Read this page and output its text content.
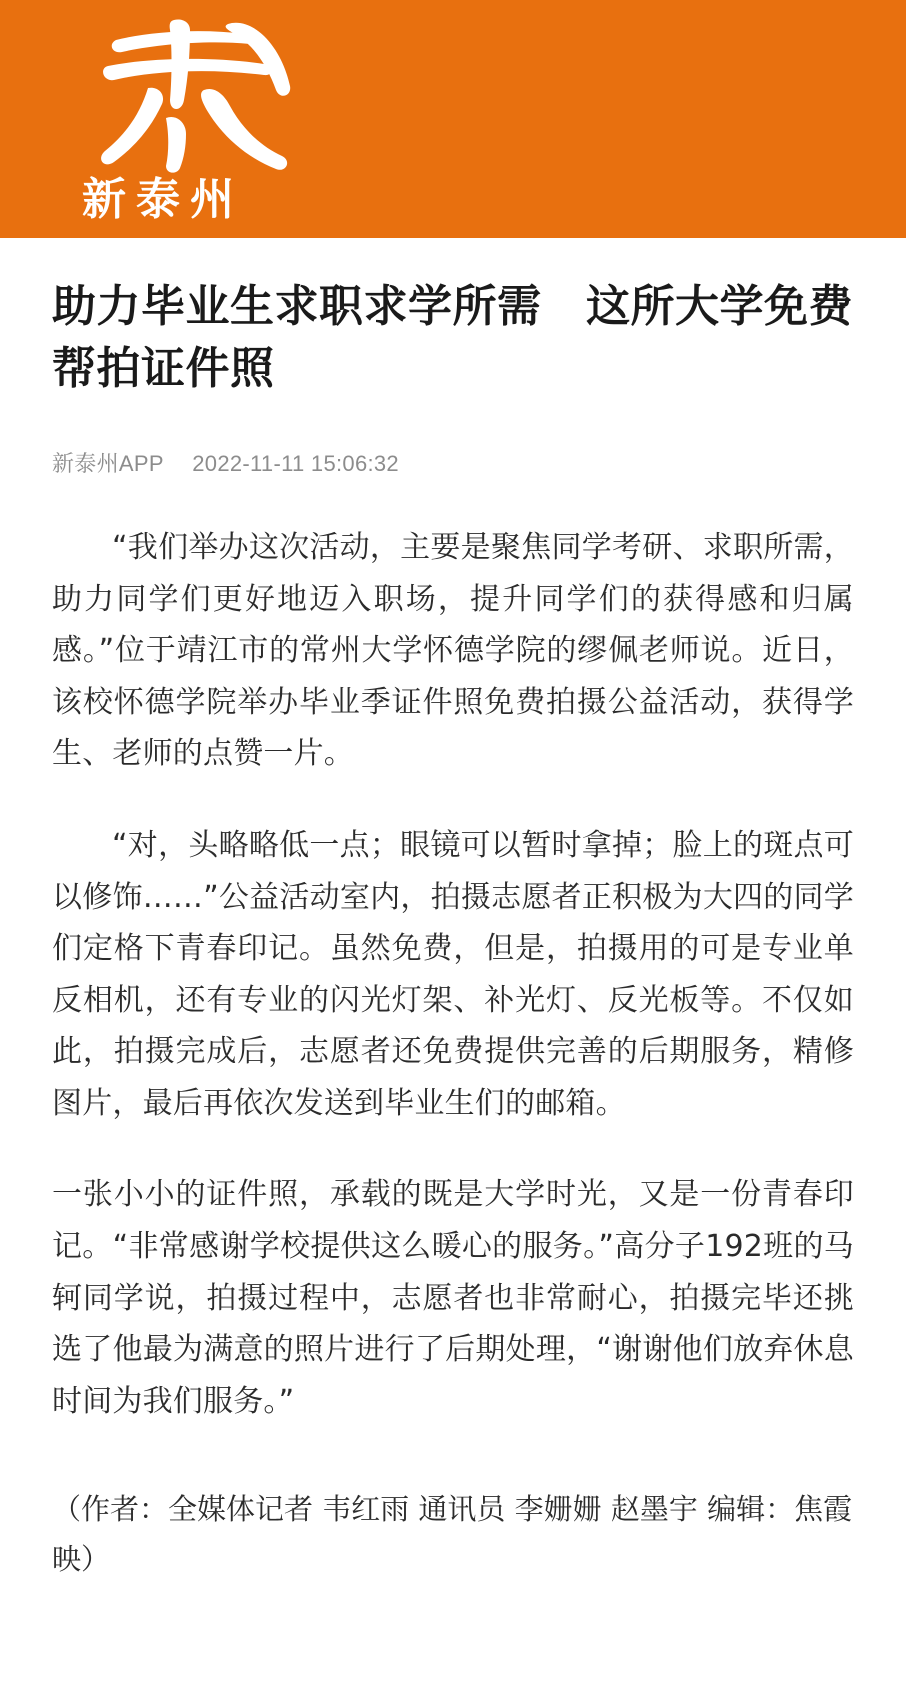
新泰州
助力毕业生求职求学所需　这所大学免费帮拍证件照
新泰州APP 2022-11-11 15:06:32

“我们举办这次活动，主要是聚焦同学考研、求职所需，助力同学们更好地迈入职场，提升同学们的获得感和归属感。”位于靖江市的常州大学怀德学院的缪佩老师说。近日，该校怀德学院举办毕业季证件照免费拍摄公益活动，获得学生、老师的点赞一片。

“对，头略略低一点；眼镜可以暂时拿掉；脸上的斑点可以修饰……”公益活动室内，拍摄志愿者正积极为大四的同学们定格下青春印记。虽然免费，但是，拍摄用的可是专业单反相机，还有专业的闪光灯架、补光灯、反光板等。不仅如此，拍摄完成后，志愿者还免费提供完善的后期服务，精修图片，最后再依次发送到毕业生们的邮箱。

一张小小的证件照，承载的既是大学时光，又是一份青春印记。“非常感谢学校提供这么暖心的服务。”高分子192班的马轲同学说，拍摄过程中，志愿者也非常耐心，拍摄完毕还挑选了他最为满意的照片进行了后期处理，“谢谢他们放弃休息时间为我们服务。”

（作者：全媒体记者 韦红雨 通讯员 李姗姗 赵墨宇 编辑：焦霞映）
